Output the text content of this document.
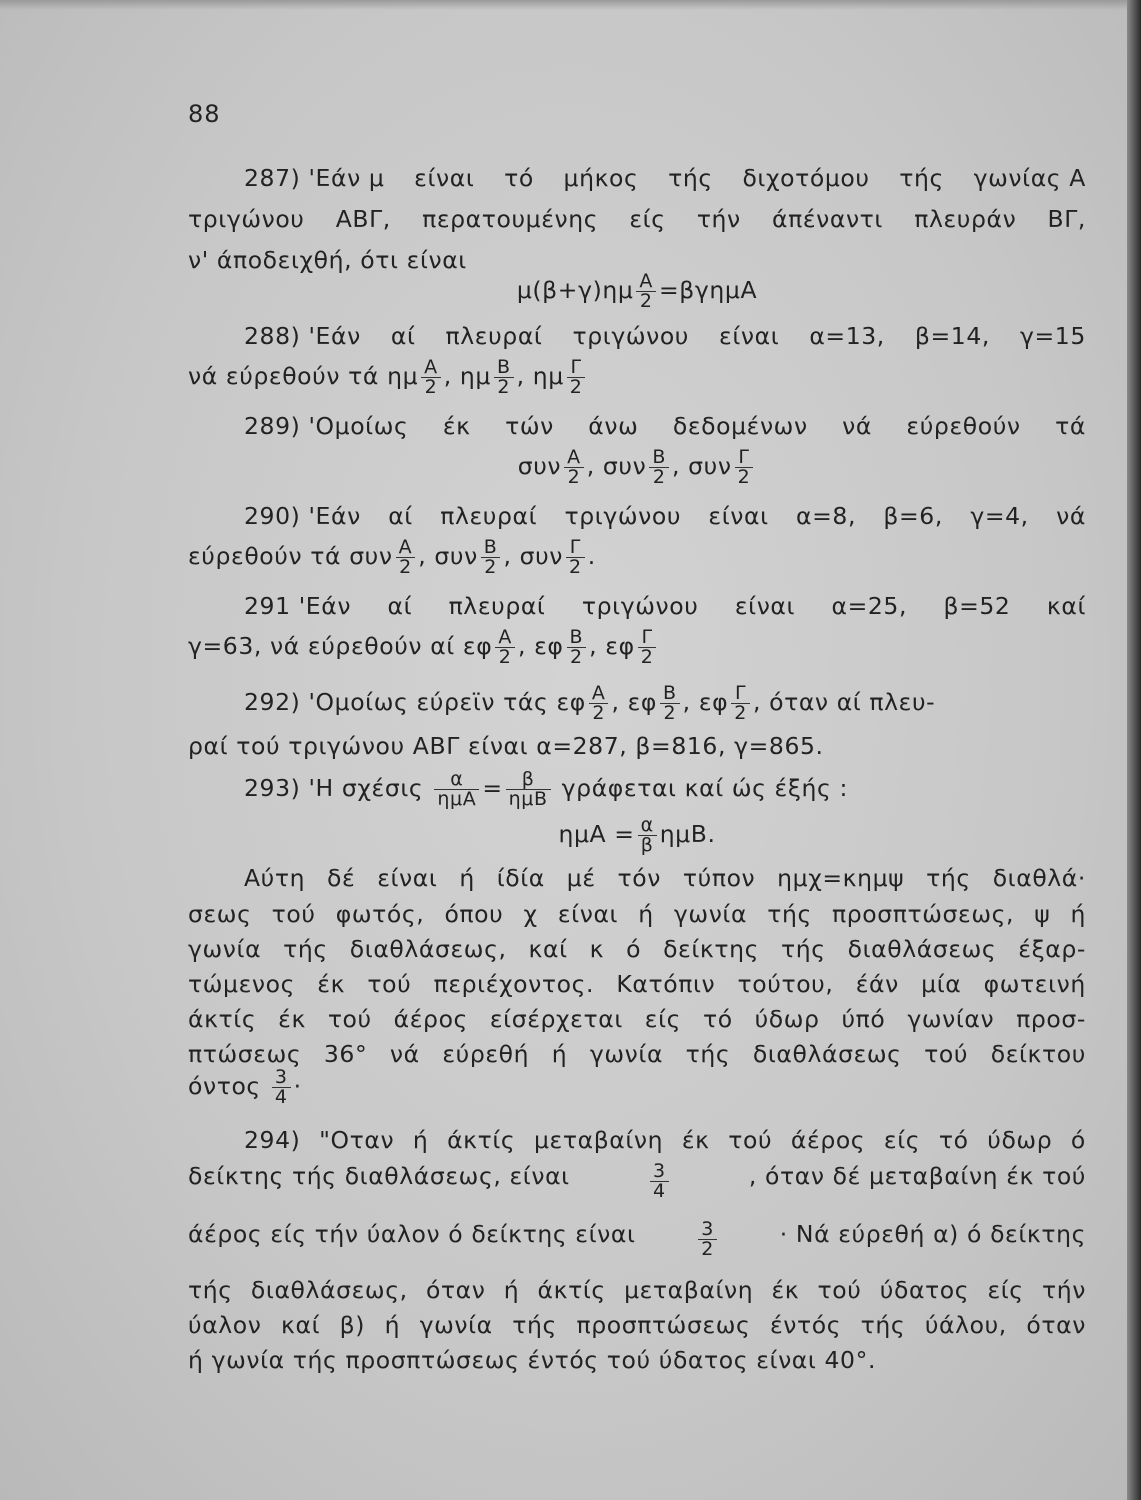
88
287) 'Εάν μ είναι τό μήκος τής διχοτόμου τής γωνίας Α
τριγώνου ΑΒΓ, περατουμένης είς τήν άπέναντι πλευράν ΒΓ,
ν' άποδειχθή, ότι είναι
$\mu(\beta+\gamma)\eta\mu \frac{A}{2} =\beta\gamma\eta\mu A$
288) 'Εάν αί πλευραί τριγώνου είναι α=13, β=14, γ=15
νά εύρεθούν τά ημ $\frac{A}{2}$ , ημ $\frac{B}{2}$ , ημ $\frac{\Gamma}{2}$
289) 'Ομοίως έκ τών άνω δεδομένων νά εύρεθούν τά
συν $\frac{A}{2}$ , συν $\frac{B}{2}$ , συν $\frac{\Gamma}{2}$
290) 'Εάν αί πλευραί τριγώνου είναι α=8, β=6, γ=4, νά
εύρεθούν τά συν $\frac{A}{2}$ , συν $\frac{B}{2}$ , συν $\frac{\Gamma}{2}$ .
291 'Εάν αί πλευραί τριγώνου είναι α=25, β=52 καί
γ=63, νά εύρεθούν αί εφ $\frac{A}{2}$ , εφ $\frac{B}{2}$ , εφ $\frac{\Gamma}{2}$
292) 'Ομοίως εύρεϊν τάς εφ $\frac{A}{2}$ , εφ $\frac{B}{2}$ , εφ $\frac{\Gamma}{2}$ , όταν αί πλευ-
ραί τού τριγώνου ΑΒΓ είναι α=287, β=816, γ=865.
293) 'Η σχέσις $\frac{\alpha}{\text{ημΑ}} = \frac{\beta}{\text{ημΒ}}$ γράφεται καί ώς έξής :
$\eta\mu A = \frac{\alpha}{\beta} \eta\mu B$.
Αύτη δέ είναι ή ίδία μέ τόν τύπον ημχ=κημψ τής διαθλά·
σεως τού φωτός, όπου χ είναι ή γωνία τής προσπτώσεως, ψ ή
γωνία τής διαθλάσεως, καί κ ό δείκτης τής διαθλάσεως έξαρ-
τώμενος έκ τού περιέχοντος. Κατόπιν τούτου, έάν μία φωτεινή
άκτίς έκ τού άέρος είσέρχεται είς τό ύδωρ ύπό γωνίαν προσ-
πτώσεως 36° νά εύρεθή ή γωνία τής διαθλάσεως τού δείκτου
όντος $\frac{3}{4}$ ·
294) "Οταν ή άκτίς μεταβαίνη έκ τού άέρος είς τό ύδωρ ό
δείκτης τής διαθλάσεως, είναι	$\frac{3}{4}$	, όταν δέ μεταβαίνη έκ τού
άέρος είς τήν ύαλον ό δείκτης είναι	$\frac{3}{2}$	· Νά εύρεθή α) ό δείκτης
τής διαθλάσεως, όταν ή άκτίς μεταβαίνη έκ τού ύδατος είς τήν
ύαλον καί β) ή γωνία τής προσπτώσεως έντός τής ύάλου, όταν
ή γωνία τής προσπτώσεως έντός τού ύδατος είναι 40°.
